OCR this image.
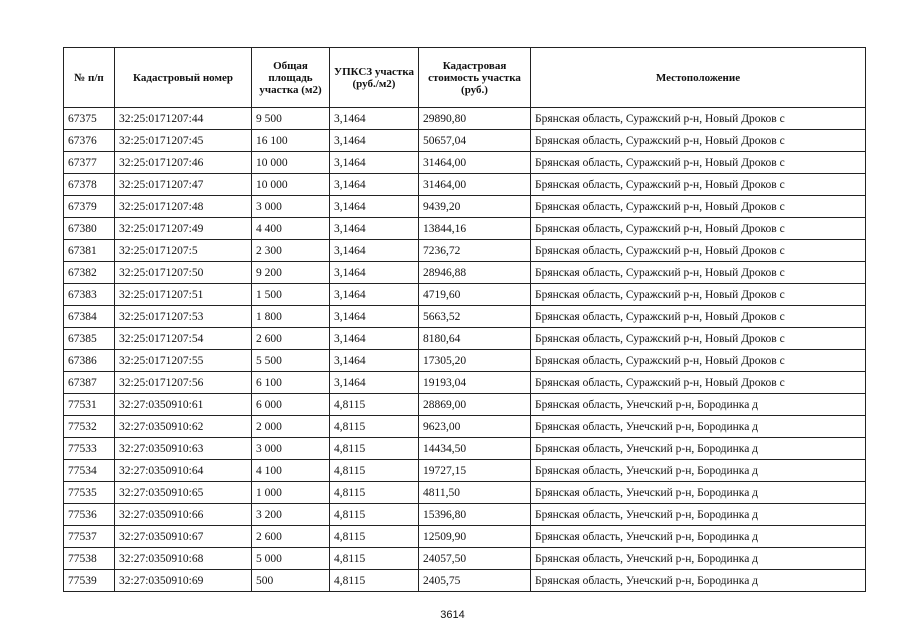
№ п/п	Кадастровый номер	Общая площадь участка (м2)	УПКСЗ участка (руб./м2)	Кадастровая стоимость участка (руб.)	Местоположение
67375	32:25:0171207:44	9 500	3,1464	29890,80	Брянская область, Суражский р-н, Новый Дроков с
67376	32:25:0171207:45	16 100	3,1464	50657,04	Брянская область, Суражский р-н, Новый Дроков с
67377	32:25:0171207:46	10 000	3,1464	31464,00	Брянская область, Суражский р-н, Новый Дроков с
67378	32:25:0171207:47	10 000	3,1464	31464,00	Брянская область, Суражский р-н, Новый Дроков с
67379	32:25:0171207:48	3 000	3,1464	9439,20	Брянская область, Суражский р-н, Новый Дроков с
67380	32:25:0171207:49	4 400	3,1464	13844,16	Брянская область, Суражский р-н, Новый Дроков с
67381	32:25:0171207:5	2 300	3,1464	7236,72	Брянская область, Суражский р-н, Новый Дроков с
67382	32:25:0171207:50	9 200	3,1464	28946,88	Брянская область, Суражский р-н, Новый Дроков с
67383	32:25:0171207:51	1 500	3,1464	4719,60	Брянская область, Суражский р-н, Новый Дроков с
67384	32:25:0171207:53	1 800	3,1464	5663,52	Брянская область, Суражский р-н, Новый Дроков с
67385	32:25:0171207:54	2 600	3,1464	8180,64	Брянская область, Суражский р-н, Новый Дроков с
67386	32:25:0171207:55	5 500	3,1464	17305,20	Брянская область, Суражский р-н, Новый Дроков с
67387	32:25:0171207:56	6 100	3,1464	19193,04	Брянская область, Суражский р-н, Новый Дроков с
77531	32:27:0350910:61	6 000	4,8115	28869,00	Брянская область, Унечский р-н, Бородинка д
77532	32:27:0350910:62	2 000	4,8115	9623,00	Брянская область, Унечский р-н, Бородинка д
77533	32:27:0350910:63	3 000	4,8115	14434,50	Брянская область, Унечский р-н, Бородинка д
77534	32:27:0350910:64	4 100	4,8115	19727,15	Брянская область, Унечский р-н, Бородинка д
77535	32:27:0350910:65	1 000	4,8115	4811,50	Брянская область, Унечский р-н, Бородинка д
77536	32:27:0350910:66	3 200	4,8115	15396,80	Брянская область, Унечский р-н, Бородинка д
77537	32:27:0350910:67	2 600	4,8115	12509,90	Брянская область, Унечский р-н, Бородинка д
77538	32:27:0350910:68	5 000	4,8115	24057,50	Брянская область, Унечский р-н, Бородинка д
77539	32:27:0350910:69	500	4,8115	2405,75	Брянская область, Унечский р-н, Бородинка д
3614
